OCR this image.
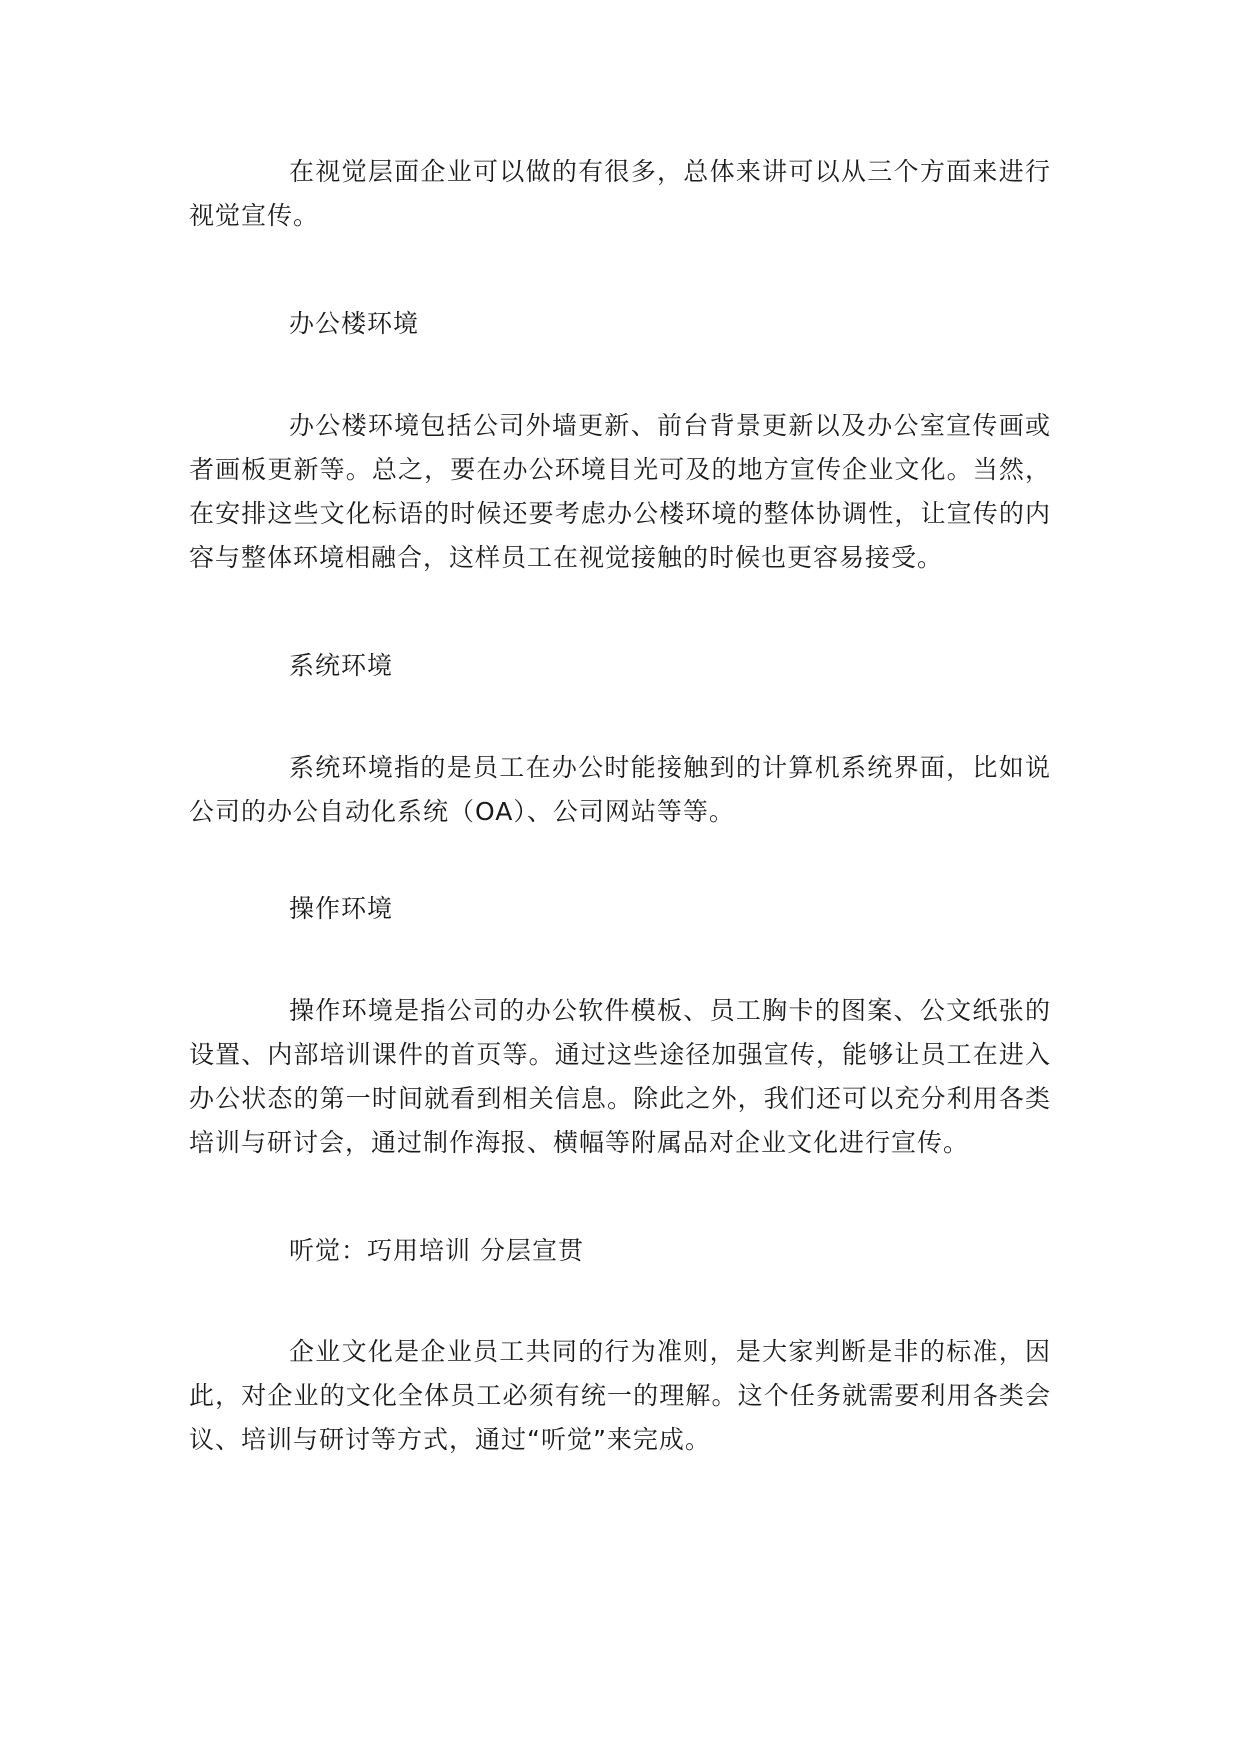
在视觉层面企业可以做的有很多，总体来讲可以从三个方面来进行视觉宣传。

办公楼环境

办公楼环境包括公司外墙更新、前台背景更新以及办公室宣传画或者画板更新等。总之，要在办公环境目光可及的地方宣传企业文化。当然，在安排这些文化标语的时候还要考虑办公楼环境的整体协调性，让宣传的内容与整体环境相融合，这样员工在视觉接触的时候也更容易接受。

系统环境

系统环境指的是员工在办公时能接触到的计算机系统界面，比如说公司的办公自动化系统（OA）、公司网站等等。

操作环境

操作环境是指公司的办公软件模板、员工胸卡的图案、公文纸张的设置、内部培训课件的首页等。通过这些途径加强宣传，能够让员工在进入办公状态的第一时间就看到相关信息。除此之外，我们还可以充分利用各类培训与研讨会，通过制作海报、横幅等附属品对企业文化进行宣传。

听觉：巧用培训 分层宣贯

企业文化是企业员工共同的行为准则，是大家判断是非的标准，因此，对企业的文化全体员工必须有统一的理解。这个任务就需要利用各类会议、培训与研讨等方式，通过“听觉”来完成。
